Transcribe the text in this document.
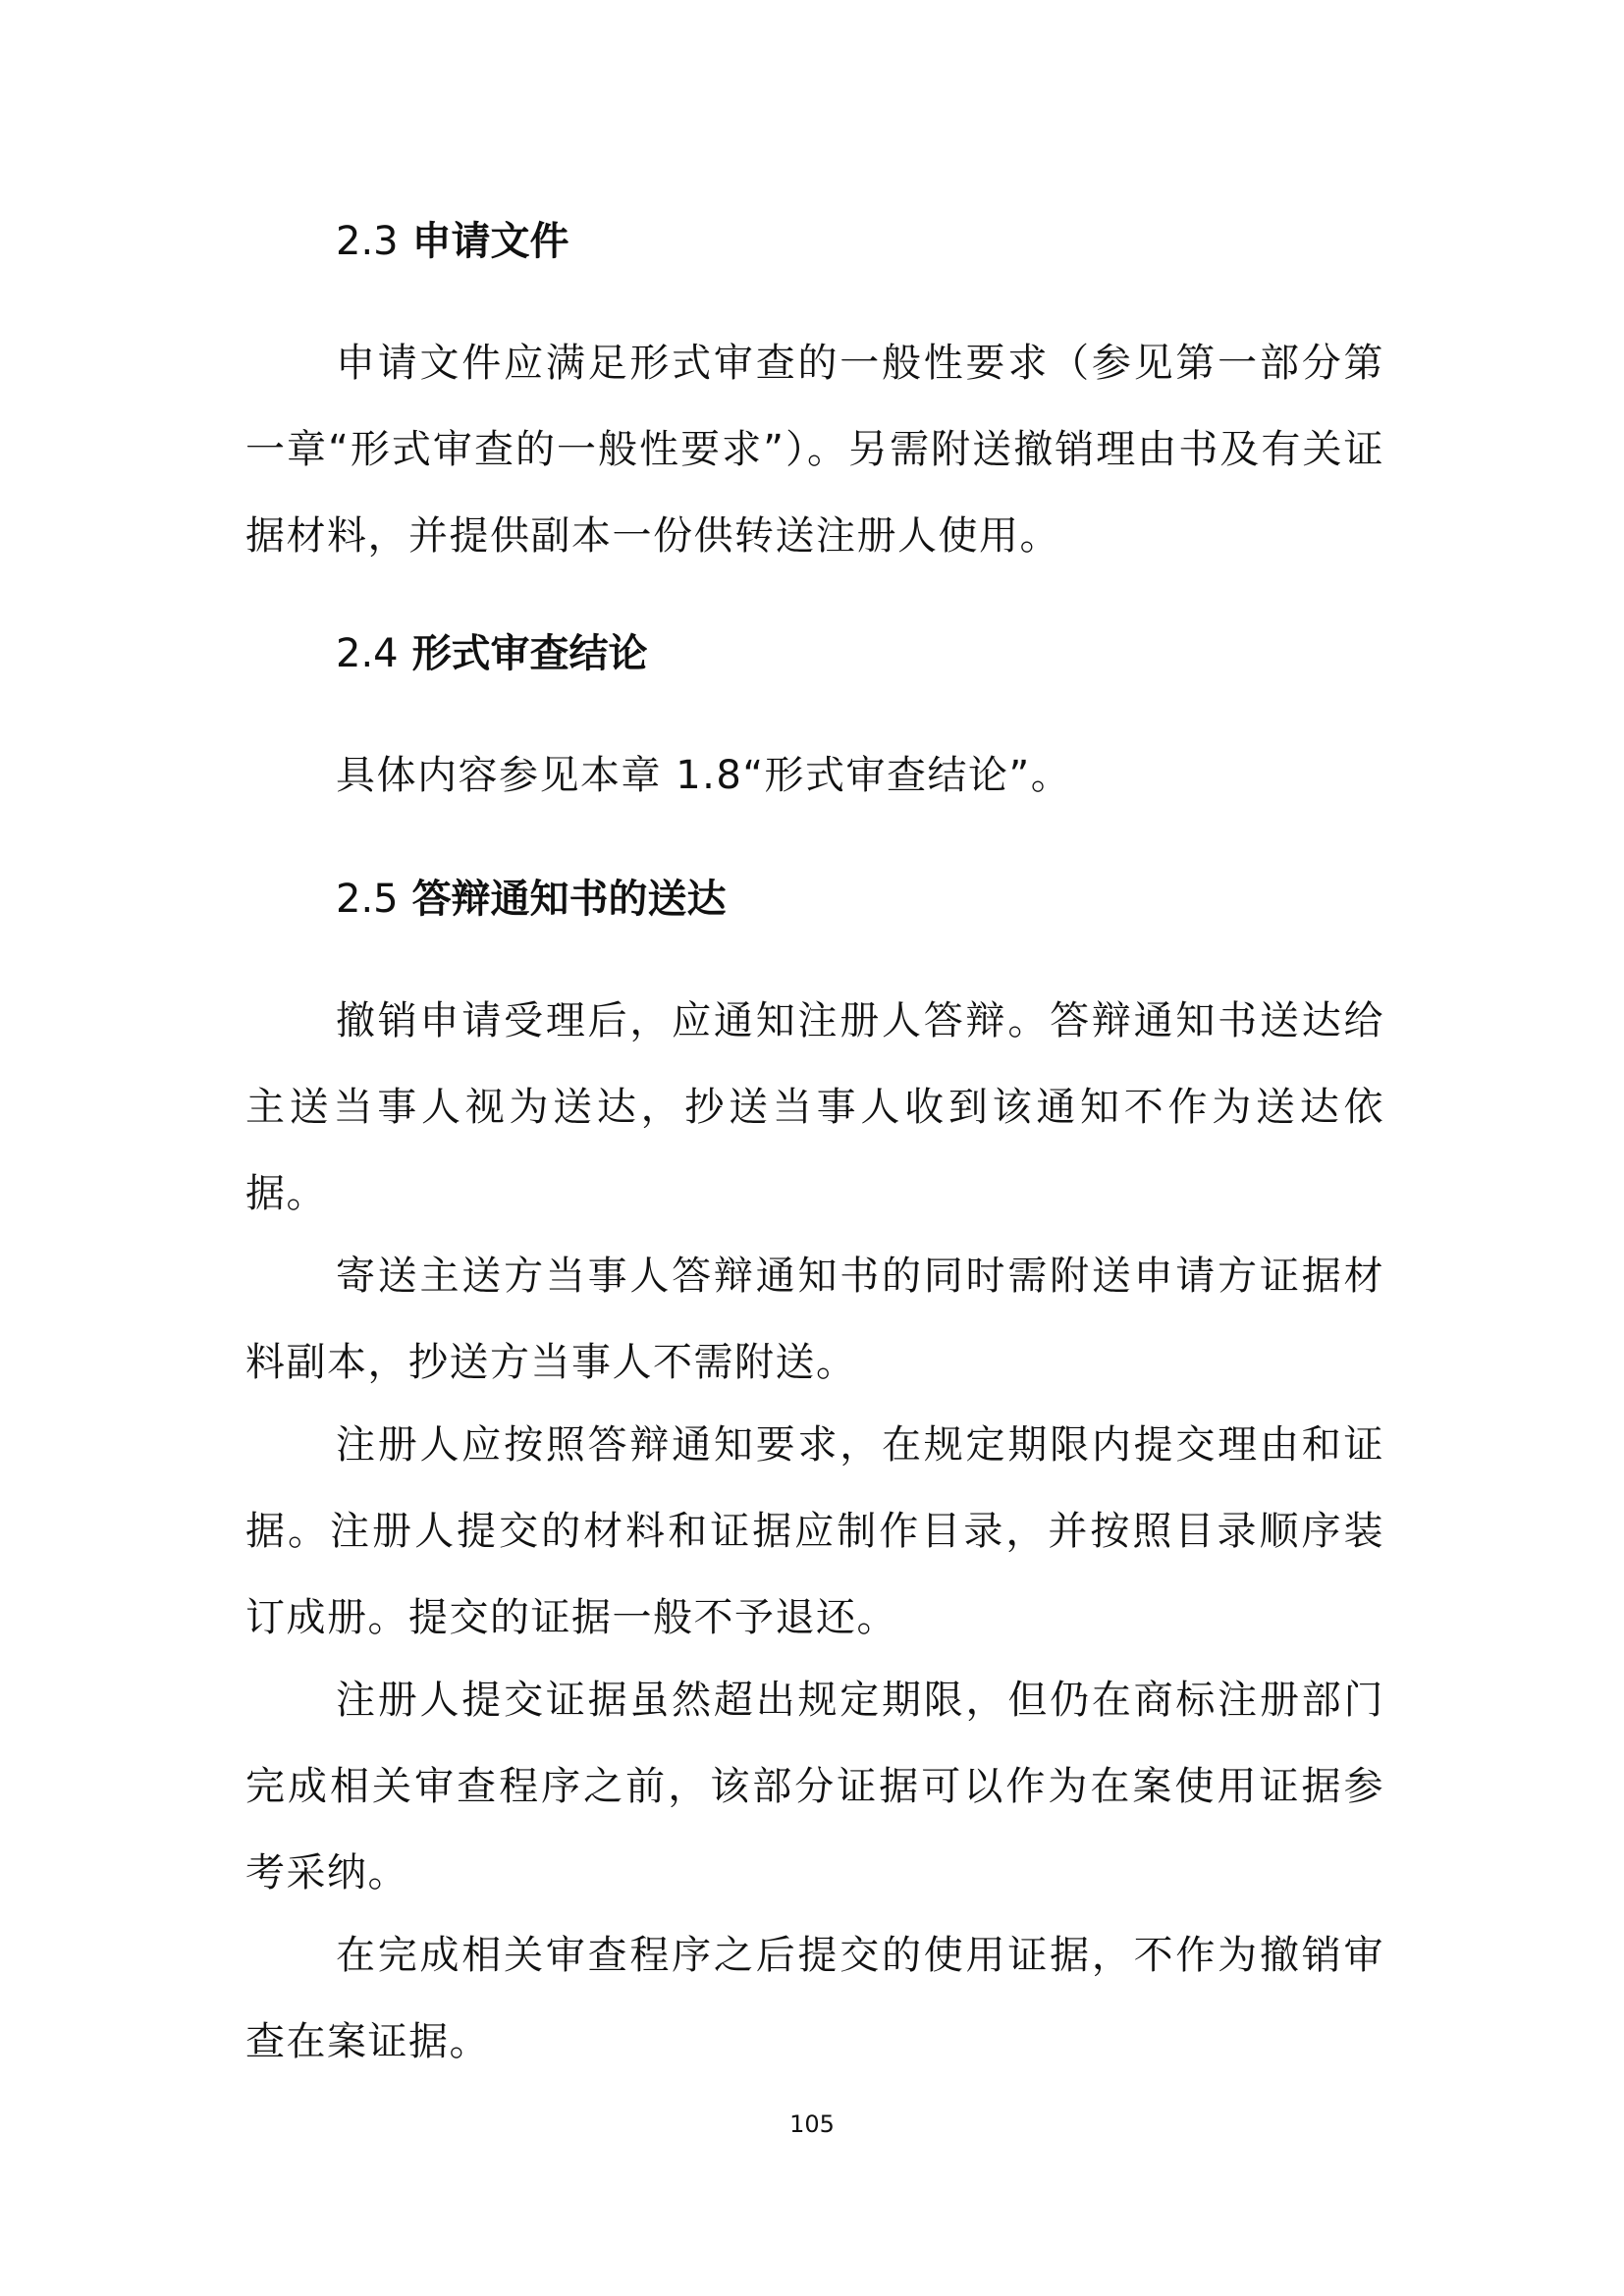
2.3 申请文件

申请文件应满足形式审查的一般性要求（参见第一部分第一章“形式审查的一般性要求”）。另需附送撤销理由书及有关证据材料，并提供副本一份供转送注册人使用。

2.4 形式审查结论

具体内容参见本章 1.8“形式审查结论”。

2.5 答辩通知书的送达

撤销申请受理后，应通知注册人答辩。答辩通知书送达给主送当事人视为送达，抄送当事人收到该通知不作为送达依据。

寄送主送方当事人答辩通知书的同时需附送申请方证据材料副本，抄送方当事人不需附送。

注册人应按照答辩通知要求，在规定期限内提交理由和证据。注册人提交的材料和证据应制作目录，并按照目录顺序装订成册。提交的证据一般不予退还。

注册人提交证据虽然超出规定期限，但仍在商标注册部门完成相关审查程序之前，该部分证据可以作为在案使用证据参考采纳。

在完成相关审查程序之后提交的使用证据，不作为撤销审查在案证据。

105
